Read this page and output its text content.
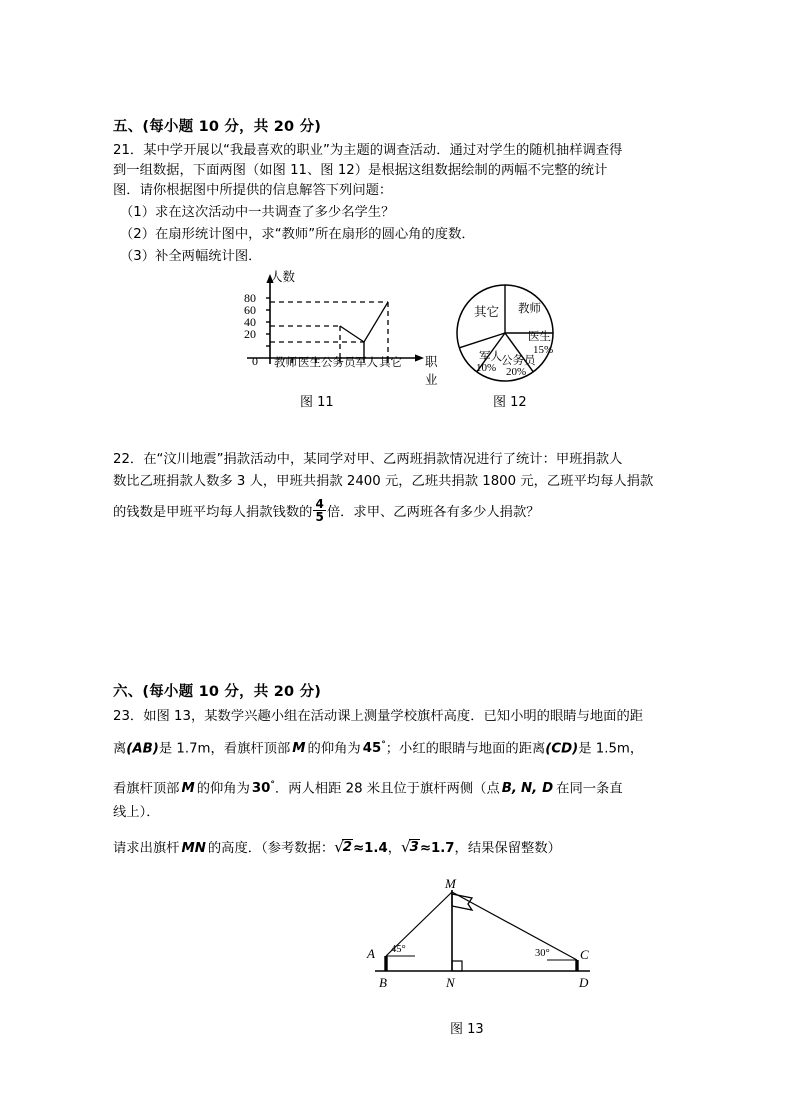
五、(每小题 10 分，共 20 分)
21．某中学开展以“我最喜欢的职业”为主题的调查活动．通过对学生的随机抽样调查得
到一组数据，下面两图（如图 11、图 12）是根据这组数据绘制的两幅不完整的统计
图．请你根据图中所提供的信息解答下列问题：
（1）求在这次活动中一共调查了多少名学生？
（2）在扇形统计图中，求“教师”所在扇形的圆心角的度数．
（3）补全两幅统计图．
人数
80
60
40
20
0 教师 医生 公务员 军人 其它 职业
图 11
教师
医生
15%
公务员
20%
军人
10%
其它
图 12
22．在“汶川地震”捐款活动中，某同学对甲、乙两班捐款情况进行了统计：甲班捐款人
数比乙班捐款人数多 3 人，甲班共捐款 2400 元，乙班共捐款 1800 元，乙班平均每人捐款
的钱数是甲班平均每人捐款钱数的 $\frac{4}{5}$ 倍．求甲、乙两班各有多少人捐款？
六、(每小题 10 分，共 20 分)
23．如图 13，某数学兴趣小组在活动课上测量学校旗杆高度．已知小明的眼睛与地面的距
离(AB)是 1.7m，看旗杆顶部 M 的仰角为 45°；小红的眼睛与地面的距离(CD)是 1.5m，
看旗杆顶部 M 的仰角为 30°．两人相距 28 米且位于旗杆两侧（点 B, N, D 在同一条直
线上）．
请求出旗杆 MN 的高度．（参考数据：√2≈1.4，√3≈1.7，结果保留整数）
A
B
M
N
C
D
45°	30°
图 13
